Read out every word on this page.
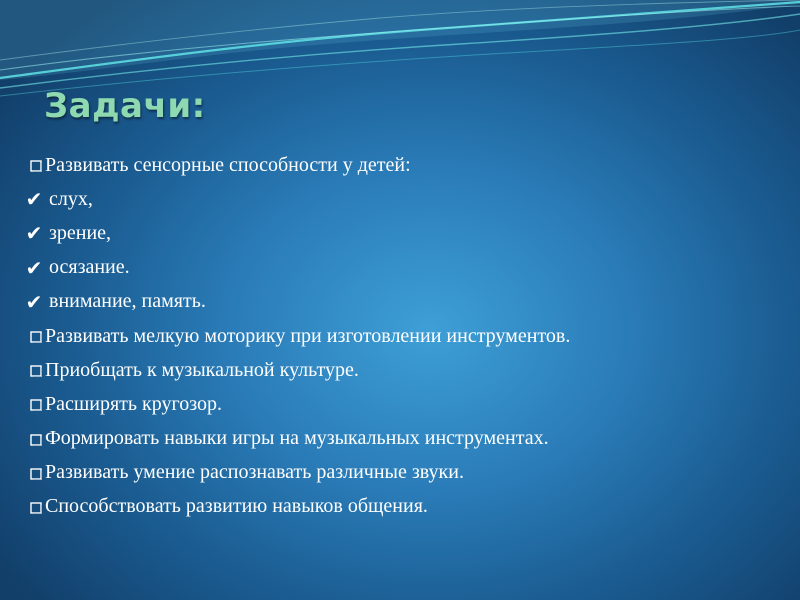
Задачи:
Развивать сенсорные способности у детей:
✔ слух,
✔ зрение,
✔ осязание.
✔ внимание, память.
Развивать мелкую моторику при изготовлении инструментов.
Приобщать к музыкальной культуре.
Расширять кругозор.
Формировать навыки игры на музыкальных инструментах.
Развивать умение распознавать различные звуки.
Способствовать развитию навыков общения.
